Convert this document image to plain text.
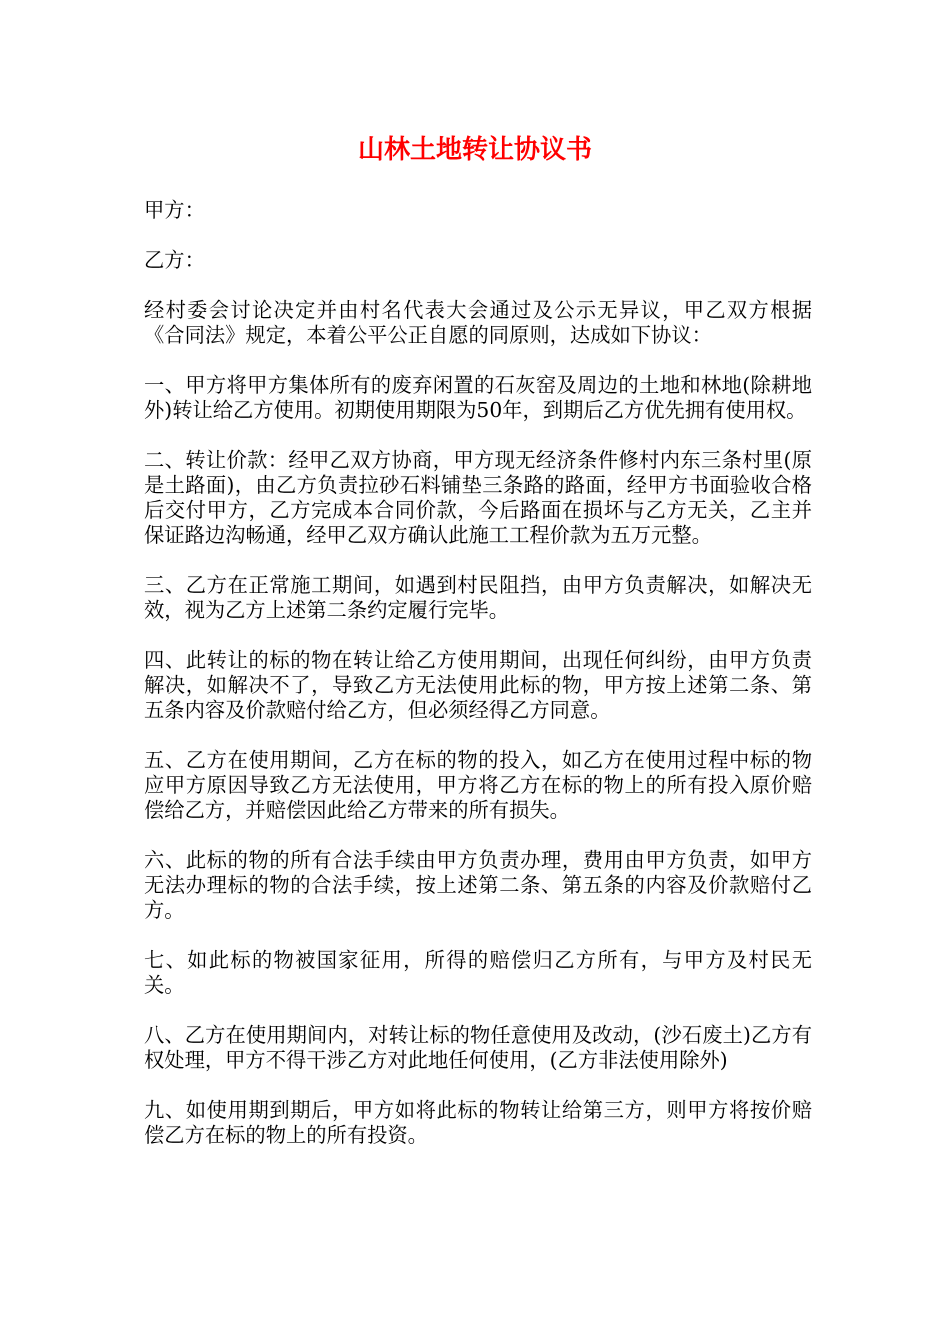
山林土地转让协议书

甲方：

乙方：

经村委会讨论决定并由村名代表大会通过及公示无异议，甲乙双方根据《合同法》规定，本着公平公正自愿的同原则，达成如下协议：

一、甲方将甲方集体所有的废弃闲置的石灰窑及周边的土地和林地(除耕地外)转让给乙方使用。初期使用期限为50年，到期后乙方优先拥有使用权。

二、转让价款：经甲乙双方协商，甲方现无经济条件修村内东三条村里(原是土路面)，由乙方负责拉砂石料铺垫三条路的路面，经甲方书面验收合格后交付甲方，乙方完成本合同价款，今后路面在损坏与乙方无关，乙主并保证路边沟畅通，经甲乙双方确认此施工工程价款为五万元整。

三、乙方在正常施工期间，如遇到村民阻挡，由甲方负责解决，如解决无效，视为乙方上述第二条约定履行完毕。

四、此转让的标的物在转让给乙方使用期间，出现任何纠纷，由甲方负责解决，如解决不了，导致乙方无法使用此标的物，甲方按上述第二条、第五条内容及价款赔付给乙方，但必须经得乙方同意。

五、乙方在使用期间，乙方在标的物的投入，如乙方在使用过程中标的物应甲方原因导致乙方无法使用，甲方将乙方在标的物上的所有投入原价赔偿给乙方，并赔偿因此给乙方带来的所有损失。

六、此标的物的所有合法手续由甲方负责办理，费用由甲方负责，如甲方无法办理标的物的合法手续，按上述第二条、第五条的内容及价款赔付乙方。

七、如此标的物被国家征用，所得的赔偿归乙方所有，与甲方及村民无关。

八、乙方在使用期间内，对转让标的物任意使用及改动，(沙石废土)乙方有权处理，甲方不得干涉乙方对此地任何使用，(乙方非法使用除外)

九、如使用期到期后，甲方如将此标的物转让给第三方，则甲方将按价赔偿乙方在标的物上的所有投资。
